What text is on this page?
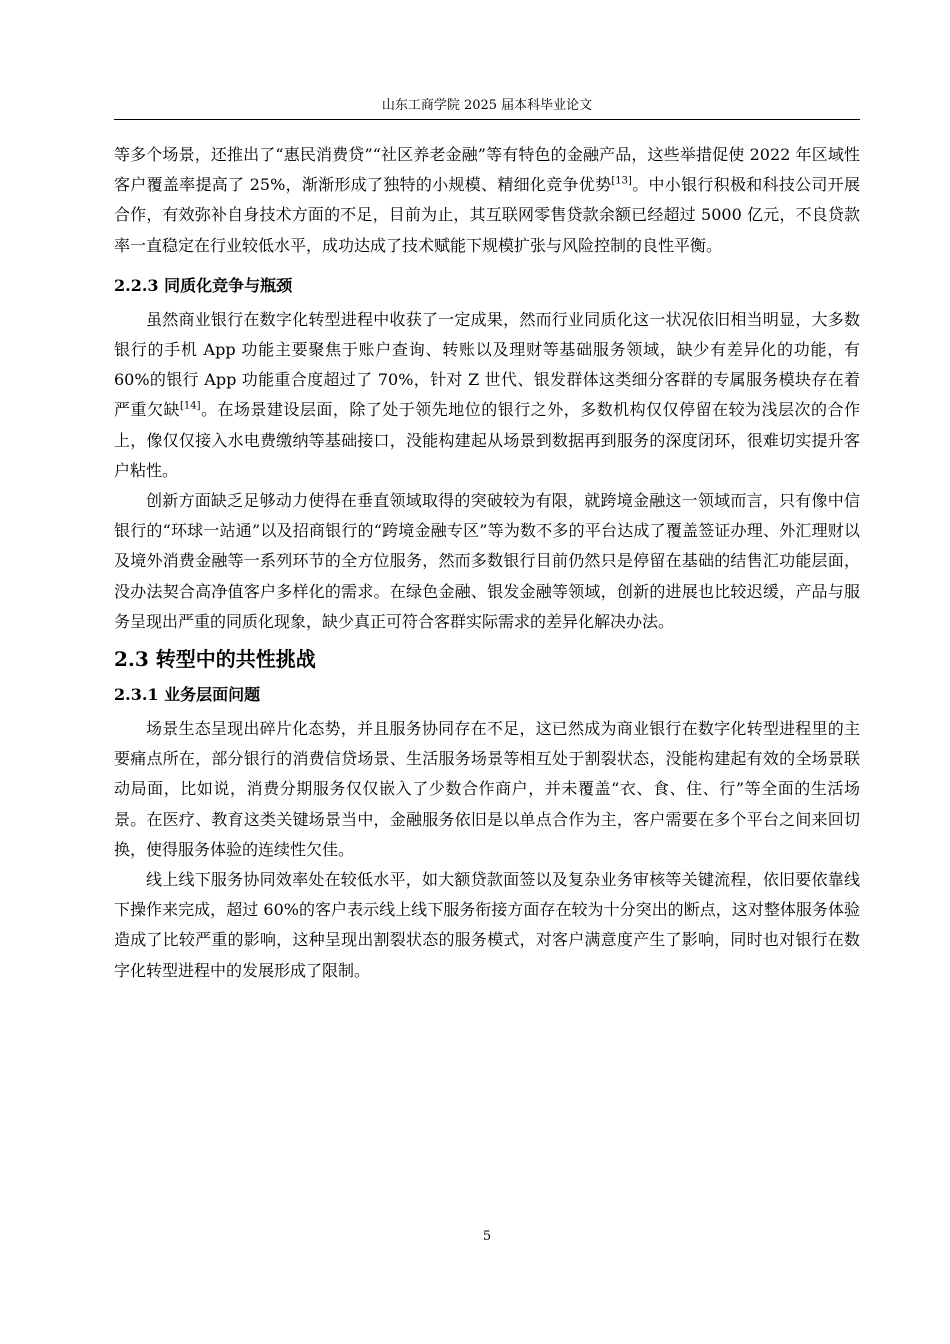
山东工商学院 2025 届本科毕业论文

等多个场景，还推出了“惠民消费贷”“社区养老金融”等有特色的金融产品，这些举措促使 2022 年区域性客户覆盖率提高了 25%，渐渐形成了独特的小规模、精细化竞争优势[13]。中小银行积极和科技公司开展合作，有效弥补自身技术方面的不足，目前为止，其互联网零售贷款余额已经超过 5000 亿元，不良贷款率一直稳定在行业较低水平，成功达成了技术赋能下规模扩张与风险控制的良性平衡。

2.2.3 同质化竞争与瓶颈

虽然商业银行在数字化转型进程中收获了一定成果，然而行业同质化这一状况依旧相当明显，大多数银行的手机 App 功能主要聚焦于账户查询、转账以及理财等基础服务领域，缺少有差异化的功能，有 60%的银行 App 功能重合度超过了 70%，针对 Z 世代、银发群体这类细分客群的专属服务模块存在着严重欠缺[14]。在场景建设层面，除了处于领先地位的银行之外，多数机构仅仅停留在较为浅层次的合作上，像仅仅接入水电费缴纳等基础接口，没能构建起从场景到数据再到服务的深度闭环，很难切实提升客户粘性。

创新方面缺乏足够动力使得在垂直领域取得的突破较为有限，就跨境金融这一领域而言，只有像中信银行的“环球一站通”以及招商银行的“跨境金融专区”等为数不多的平台达成了覆盖签证办理、外汇理财以及境外消费金融等一系列环节的全方位服务，然而多数银行目前仍然只是停留在基础的结售汇功能层面，没办法契合高净值客户多样化的需求。在绿色金融、银发金融等领域，创新的进展也比较迟缓，产品与服务呈现出严重的同质化现象，缺少真正可符合客群实际需求的差异化解决办法。

2.3 转型中的共性挑战
2.3.1 业务层面问题

场景生态呈现出碎片化态势，并且服务协同存在不足，这已然成为商业银行在数字化转型进程里的主要痛点所在，部分银行的消费信贷场景、生活服务场景等相互处于割裂状态，没能构建起有效的全场景联动局面，比如说，消费分期服务仅仅嵌入了少数合作商户，并未覆盖“衣、食、住、行”等全面的生活场景。在医疗、教育这类关键场景当中，金融服务依旧是以单点合作为主，客户需要在多个平台之间来回切换，使得服务体验的连续性欠佳。

线上线下服务协同效率处在较低水平，如大额贷款面签以及复杂业务审核等关键流程，依旧要依靠线下操作来完成，超过 60%的客户表示线上线下服务衔接方面存在较为十分突出的断点，这对整体服务体验造成了比较严重的影响，这种呈现出割裂状态的服务模式，对客户满意度产生了影响，同时也对银行在数字化转型进程中的发展形成了限制。

5
